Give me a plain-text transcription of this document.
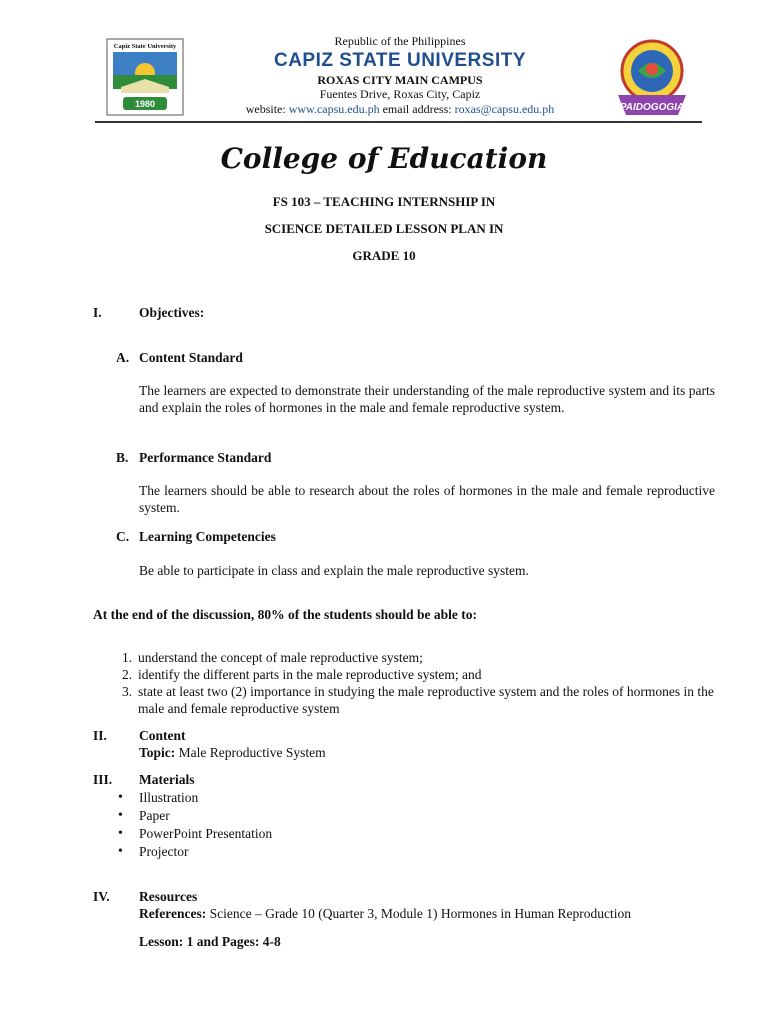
Capiz State University
1980
Republic of the Philippines
CAPIZ STATE UNIVERSITY
ROXAS CITY MAIN CAMPUS
Fuentes Drive, Roxas City, Capiz
website: www.capsu.edu.ph email address: roxas@capsu.edu.ph	PAIDOGOGIA
College of Education
FS 103 – TEACHING INTERNSHIP IN
SCIENCE DETAILED LESSON PLAN IN
GRADE 10
I.	Objectives:
A. Content Standard
The learners are expected to demonstrate their understanding of the male reproductive system and its parts and explain the roles of hormones in the male and female reproductive system.
B. Performance Standard
The learners should be able to research about the roles of hormones in the male and female reproductive system.
C. Learning Competencies
Be able to participate in class and explain the male reproductive system.
At the end of the discussion, 80% of the students should be able to:
1. understand the concept of male reproductive system;
2. identify the different parts in the male reproductive system; and
3. state at least two (2) importance in studying the male reproductive system and the roles of hormones in the male and female reproductive system
II. Content
Topic: Male Reproductive System
III. Materials
• Illustration
• Paper
• PowerPoint Presentation
• Projector
IV. Resources
References: Science – Grade 10 (Quarter 3, Module 1) Hormones in Human Reproduction
Lesson: 1 and Pages: 4-8
